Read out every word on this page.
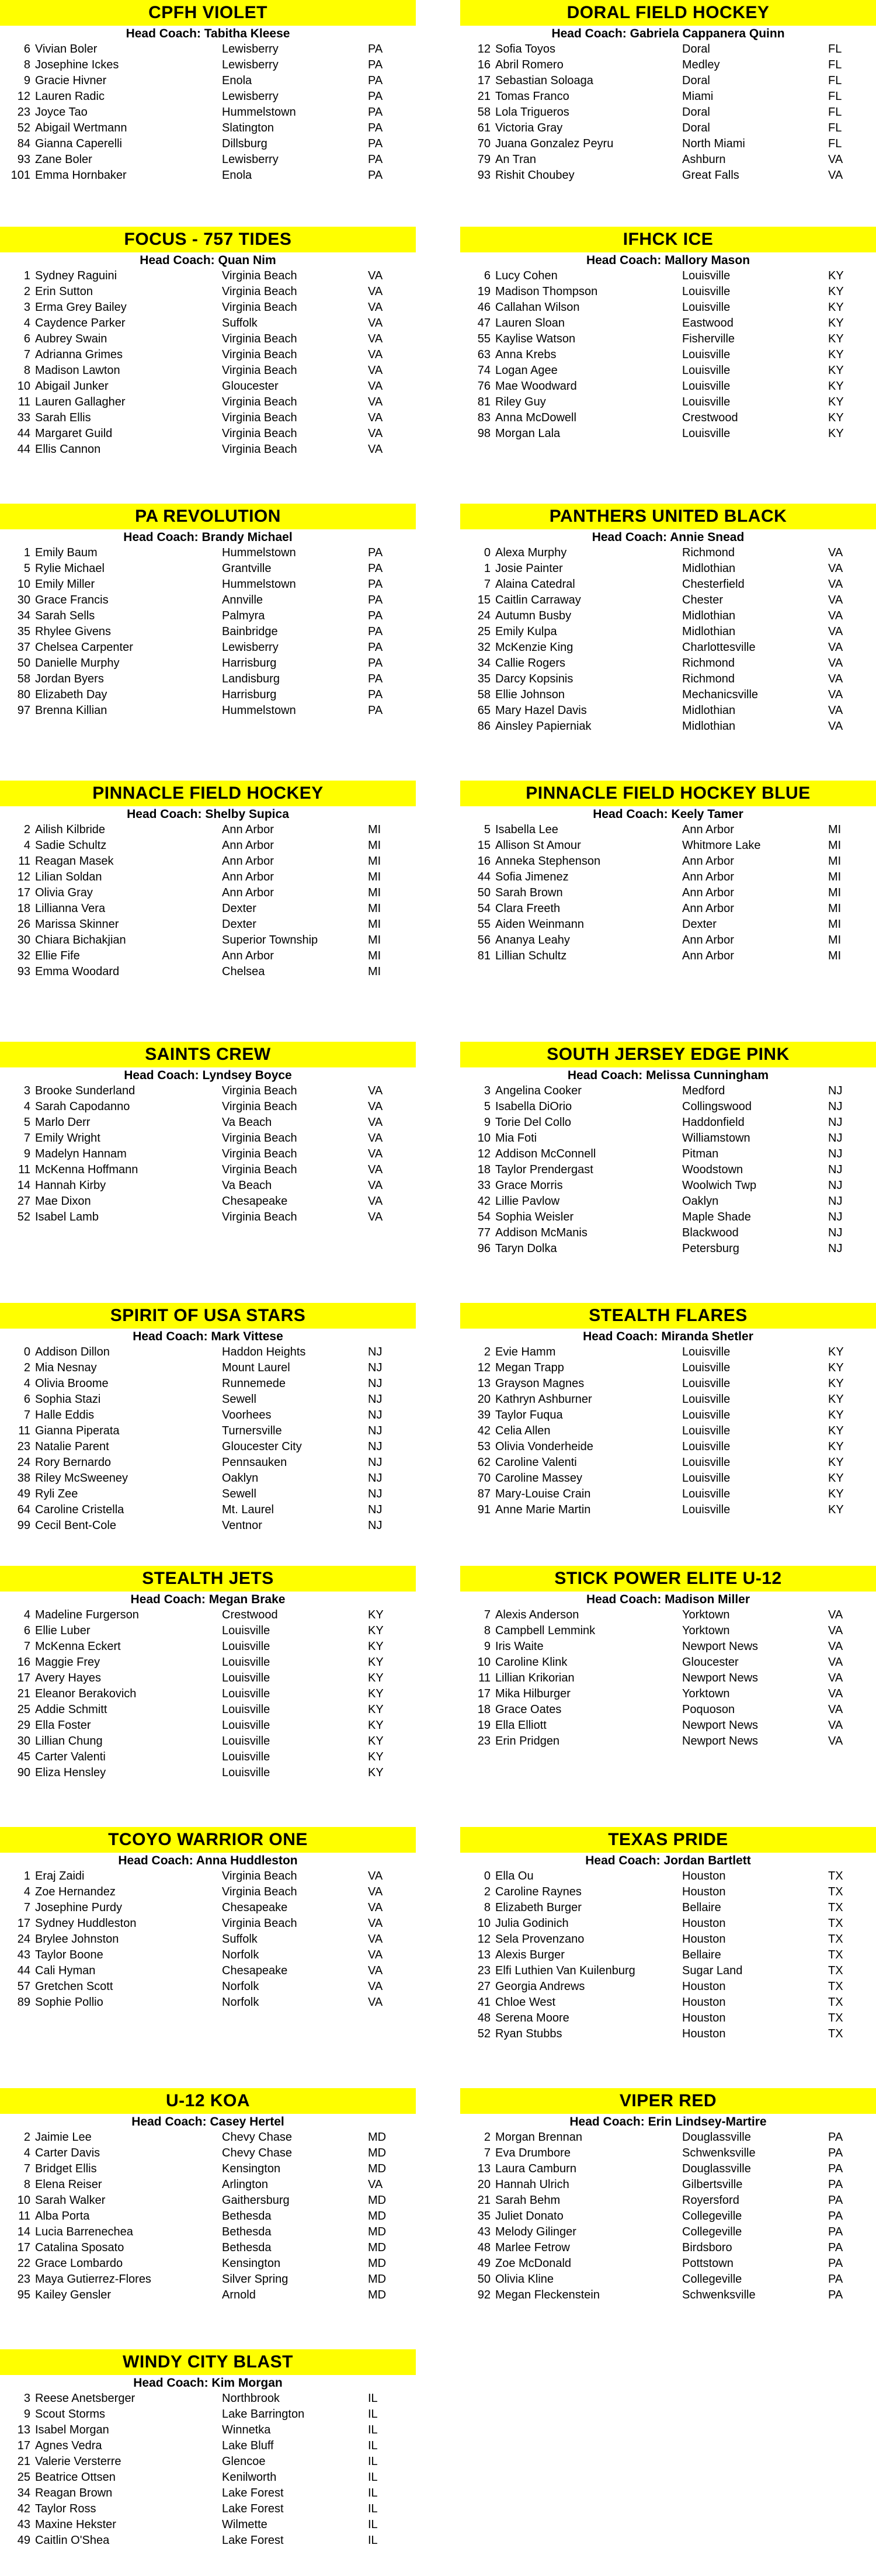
CPFH VIOLET
Head Coach: Tabitha Kleese
6 Vivian Boler	Lewisberry	PA
8 Josephine Ickes	Lewisberry	PA
9 Gracie Hivner	Enola	PA
12 Lauren Radic	Lewisberry	PA
23 Joyce Tao	Hummelstown	PA
52 Abigail Wertmann	Slatington	PA
84 Gianna Caperelli	Dillsburg	PA
93 Zane Boler	Lewisberry	PA
101 Emma Hornbaker	Enola	PA
DORAL FIELD HOCKEY
Head Coach: Gabriela Cappanera Quinn
12 Sofia Toyos	Doral	FL
16 Abril Romero	Medley	FL
17 Sebastian Soloaga	Doral	FL
21 Tomas Franco	Miami	FL
58 Lola Trigueros	Doral	FL
61 Victoria Gray	Doral	FL
70 Juana Gonzalez Peyru	North Miami	FL
79 An Tran	Ashburn	VA
93 Rishit Choubey	Great Falls	VA
FOCUS - 757 TIDES
Head Coach: Quan Nim
1 Sydney Raguini	Virginia Beach	VA
2 Erin Sutton	Virginia Beach	VA
3 Erma Grey Bailey	Virginia Beach	VA
4 Caydence Parker	Suffolk	VA
6 Aubrey Swain	Virginia Beach	VA
7 Adrianna Grimes	Virginia Beach	VA
8 Madison Lawton	Virginia Beach	VA
10 Abigail Junker	Gloucester	VA
11 Lauren Gallagher	Virginia Beach	VA
33 Sarah Ellis	Virginia Beach	VA
44 Margaret Guild	Virginia Beach	VA
44 Ellis Cannon	Virginia Beach	VA
IFHCK ICE
Head Coach: Mallory Mason
6 Lucy Cohen	Louisville	KY
19 Madison Thompson	Louisville	KY
46 Callahan Wilson	Louisville	KY
47 Lauren Sloan	Eastwood	KY
55 Kaylise Watson	Fisherville	KY
63 Anna Krebs	Louisville	KY
74 Logan Agee	Louisville	KY
76 Mae Woodward	Louisville	KY
81 Riley Guy	Louisville	KY
83 Anna McDowell	Crestwood	KY
98 Morgan Lala	Louisville	KY
PA REVOLUTION
Head Coach: Brandy Michael
1 Emily Baum	Hummelstown	PA
5 Rylie Michael	Grantville	PA
10 Emily Miller	Hummelstown	PA
30 Grace Francis	Annville	PA
34 Sarah Sells	Palmyra	PA
35 Rhylee Givens	Bainbridge	PA
37 Chelsea Carpenter	Lewisberry	PA
50 Danielle Murphy	Harrisburg	PA
58 Jordan Byers	Landisburg	PA
80 Elizabeth Day	Harrisburg	PA
97 Brenna Killian	Hummelstown	PA
PANTHERS UNITED BLACK
Head Coach: Annie Snead
0 Alexa Murphy	Richmond	VA
1 Josie Painter	Midlothian	VA
7 Alaina Catedral	Chesterfield	VA
15 Caitlin Carraway	Chester	VA
24 Autumn Busby	Midlothian	VA
25 Emily Kulpa	Midlothian	VA
32 McKenzie King	Charlottesville	VA
34 Callie Rogers	Richmond	VA
35 Darcy Kopsinis	Richmond	VA
58 Ellie Johnson	Mechanicsville	VA
65 Mary Hazel Davis	Midlothian	VA
86 Ainsley Papierniak	Midlothian	VA
PINNACLE FIELD HOCKEY
Head Coach: Shelby Supica
2 Ailish Kilbride	Ann Arbor	MI
4 Sadie Schultz	Ann Arbor	MI
11 Reagan Masek	Ann Arbor	MI
12 Lilian Soldan	Ann Arbor	MI
17 Olivia Gray	Ann Arbor	MI
18 Lillianna Vera	Dexter	MI
26 Marissa Skinner	Dexter	MI
30 Chiara Bichakjian	Superior Township	MI
32 Ellie Fife	Ann Arbor	MI
93 Emma Woodard	Chelsea	MI
PINNACLE FIELD HOCKEY BLUE
Head Coach: Keely Tamer
5 Isabella Lee	Ann Arbor	MI
15 Allison St Amour	Whitmore Lake	MI
16 Anneka Stephenson	Ann Arbor	MI
44 Sofia Jimenez	Ann Arbor	MI
50 Sarah Brown	Ann Arbor	MI
54 Clara Freeth	Ann Arbor	MI
55 Aiden Weinmann	Dexter	MI
56 Ananya Leahy	Ann Arbor	MI
81 Lillian Schultz	Ann Arbor	MI
SAINTS CREW
Head Coach: Lyndsey Boyce
3 Brooke Sunderland	Virginia Beach	VA
4 Sarah Capodanno	Virginia Beach	VA
5 Marlo Derr	Va Beach	VA
7 Emily Wright	Virginia Beach	VA
9 Madelyn Hannam	Virginia Beach	VA
11 McKenna Hoffmann	Virginia Beach	VA
14 Hannah Kirby	Va Beach	VA
27 Mae Dixon	Chesapeake	VA
52 Isabel Lamb	Virginia Beach	VA
SOUTH JERSEY EDGE PINK
Head Coach: Melissa Cunningham
3 Angelina Cooker	Medford	NJ
5 Isabella DiOrio	Collingswood	NJ
9 Torie Del Collo	Haddonfield	NJ
10 Mia Foti	Williamstown	NJ
12 Addison McConnell	Pitman	NJ
18 Taylor Prendergast	Woodstown	NJ
33 Grace Morris	Woolwich Twp	NJ
42 Lillie Pavlow	Oaklyn	NJ
54 Sophia Weisler	Maple Shade	NJ
77 Addison McManis	Blackwood	NJ
96 Taryn Dolka	Petersburg	NJ
SPIRIT OF USA STARS
Head Coach: Mark Vittese
0 Addison Dillon	Haddon Heights	NJ
2 Mia Nesnay	Mount Laurel	NJ
4 Olivia Broome	Runnemede	NJ
6 Sophia Stazi	Sewell	NJ
7 Halle Eddis	Voorhees	NJ
11 Gianna Piperata	Turnersville	NJ
23 Natalie Parent	Gloucester City	NJ
24 Rory Bernardo	Pennsauken	NJ
38 Riley McSweeney	Oaklyn	NJ
49 Ryli Zee	Sewell	NJ
64 Caroline Cristella	Mt. Laurel	NJ
99 Cecil Bent-Cole	Ventnor	NJ
STEALTH FLARES
Head Coach: Miranda Shetler
2 Evie Hamm	Louisville	KY
12 Megan Trapp	Louisville	KY
13 Grayson Magnes	Louisville	KY
20 Kathryn Ashburner	Louisville	KY
39 Taylor Fuqua	Louisville	KY
42 Celia Allen	Louisville	KY
53 Olivia Vonderheide	Louisville	KY
62 Caroline Valenti	Louisville	KY
70 Caroline Massey	Louisville	KY
87 Mary-Louise Crain	Louisville	KY
91 Anne Marie Martin	Louisville	KY
STEALTH JETS
Head Coach: Megan Brake
4 Madeline Furgerson	Crestwood	KY
6 Ellie Luber	Louisville	KY
7 McKenna Eckert	Louisville	KY
16 Maggie Frey	Louisville	KY
17 Avery Hayes	Louisville	KY
21 Eleanor Berakovich	Louisville	KY
25 Addie Schmitt	Louisville	KY
29 Ella Foster	Louisville	KY
30 Lillian Chung	Louisville	KY
45 Carter Valenti	Louisville	KY
90 Eliza Hensley	Louisville	KY
STICK POWER ELITE U-12
Head Coach: Madison Miller
7 Alexis Anderson	Yorktown	VA
8 Campbell Lemmink	Yorktown	VA
9 Iris Waite	Newport News	VA
10 Caroline Klink	Gloucester	VA
11 Lillian Krikorian	Newport News	VA
17 Mika Hilburger	Yorktown	VA
18 Grace Oates	Poquoson	VA
19 Ella Elliott	Newport News	VA
23 Erin Pridgen	Newport News	VA
TCOYO WARRIOR ONE
Head Coach: Anna Huddleston
1 Eraj Zaidi	Virginia Beach	VA
4 Zoe Hernandez	Virginia Beach	VA
7 Josephine Purdy	Chesapeake	VA
17 Sydney Huddleston	Virginia Beach	VA
24 Brylee Johnston	Suffolk	VA
43 Taylor Boone	Norfolk	VA
44 Cali Hyman	Chesapeake	VA
57 Gretchen Scott	Norfolk	VA
89 Sophie Pollio	Norfolk	VA
TEXAS PRIDE
Head Coach: Jordan Bartlett
0 Ella Ou	Houston	TX
2 Caroline Raynes	Houston	TX
8 Elizabeth Burger	Bellaire	TX
10 Julia Godinich	Houston	TX
12 Sela Provenzano	Houston	TX
13 Alexis Burger	Bellaire	TX
23 Elfi Luthien Van Kuilenburg	Sugar Land	TX
27 Georgia Andrews	Houston	TX
41 Chloe West	Houston	TX
48 Serena Moore	Houston	TX
52 Ryan Stubbs	Houston	TX
U-12 KOA
Head Coach: Casey Hertel
2 Jaimie Lee	Chevy Chase	MD
4 Carter Davis	Chevy Chase	MD
7 Bridget Ellis	Kensington	MD
8 Elena Reiser	Arlington	VA
10 Sarah Walker	Gaithersburg	MD
11 Alba Porta	Bethesda	MD
14 Lucia Barrenechea	Bethesda	MD
17 Catalina Sposato	Bethesda	MD
22 Grace Lombardo	Kensington	MD
23 Maya Gutierrez-Flores	Silver Spring	MD
95 Kailey Gensler	Arnold	MD
VIPER RED
Head Coach: Erin Lindsey-Martire
2 Morgan Brennan	Douglassville	PA
7 Eva Drumbore	Schwenksville	PA
13 Laura Camburn	Douglassville	PA
20 Hannah Ulrich	Gilbertsville	PA
21 Sarah Behm	Royersford	PA
35 Juliet Donato	Collegeville	PA
43 Melody Gilinger	Collegeville	PA
48 Marlee Fetrow	Birdsboro	PA
49 Zoe McDonald	Pottstown	PA
50 Olivia Kline	Collegeville	PA
92 Megan Fleckenstein	Schwenksville	PA
WINDY CITY BLAST
Head Coach: Kim Morgan
3 Reese Anetsberger	Northbrook	IL
9 Scout Storms	Lake Barrington	IL
13 Isabel Morgan	Winnetka	IL
17 Agnes Vedra	Lake Bluff	IL
21 Valerie Versterre	Glencoe	IL
25 Beatrice Ottsen	Kenilworth	IL
34 Reagan Brown	Lake Forest	IL
42 Taylor Ross	Lake Forest	IL
43 Maxine Hekster	Wilmette	IL
49 Caitlin O'Shea	Lake Forest	IL
